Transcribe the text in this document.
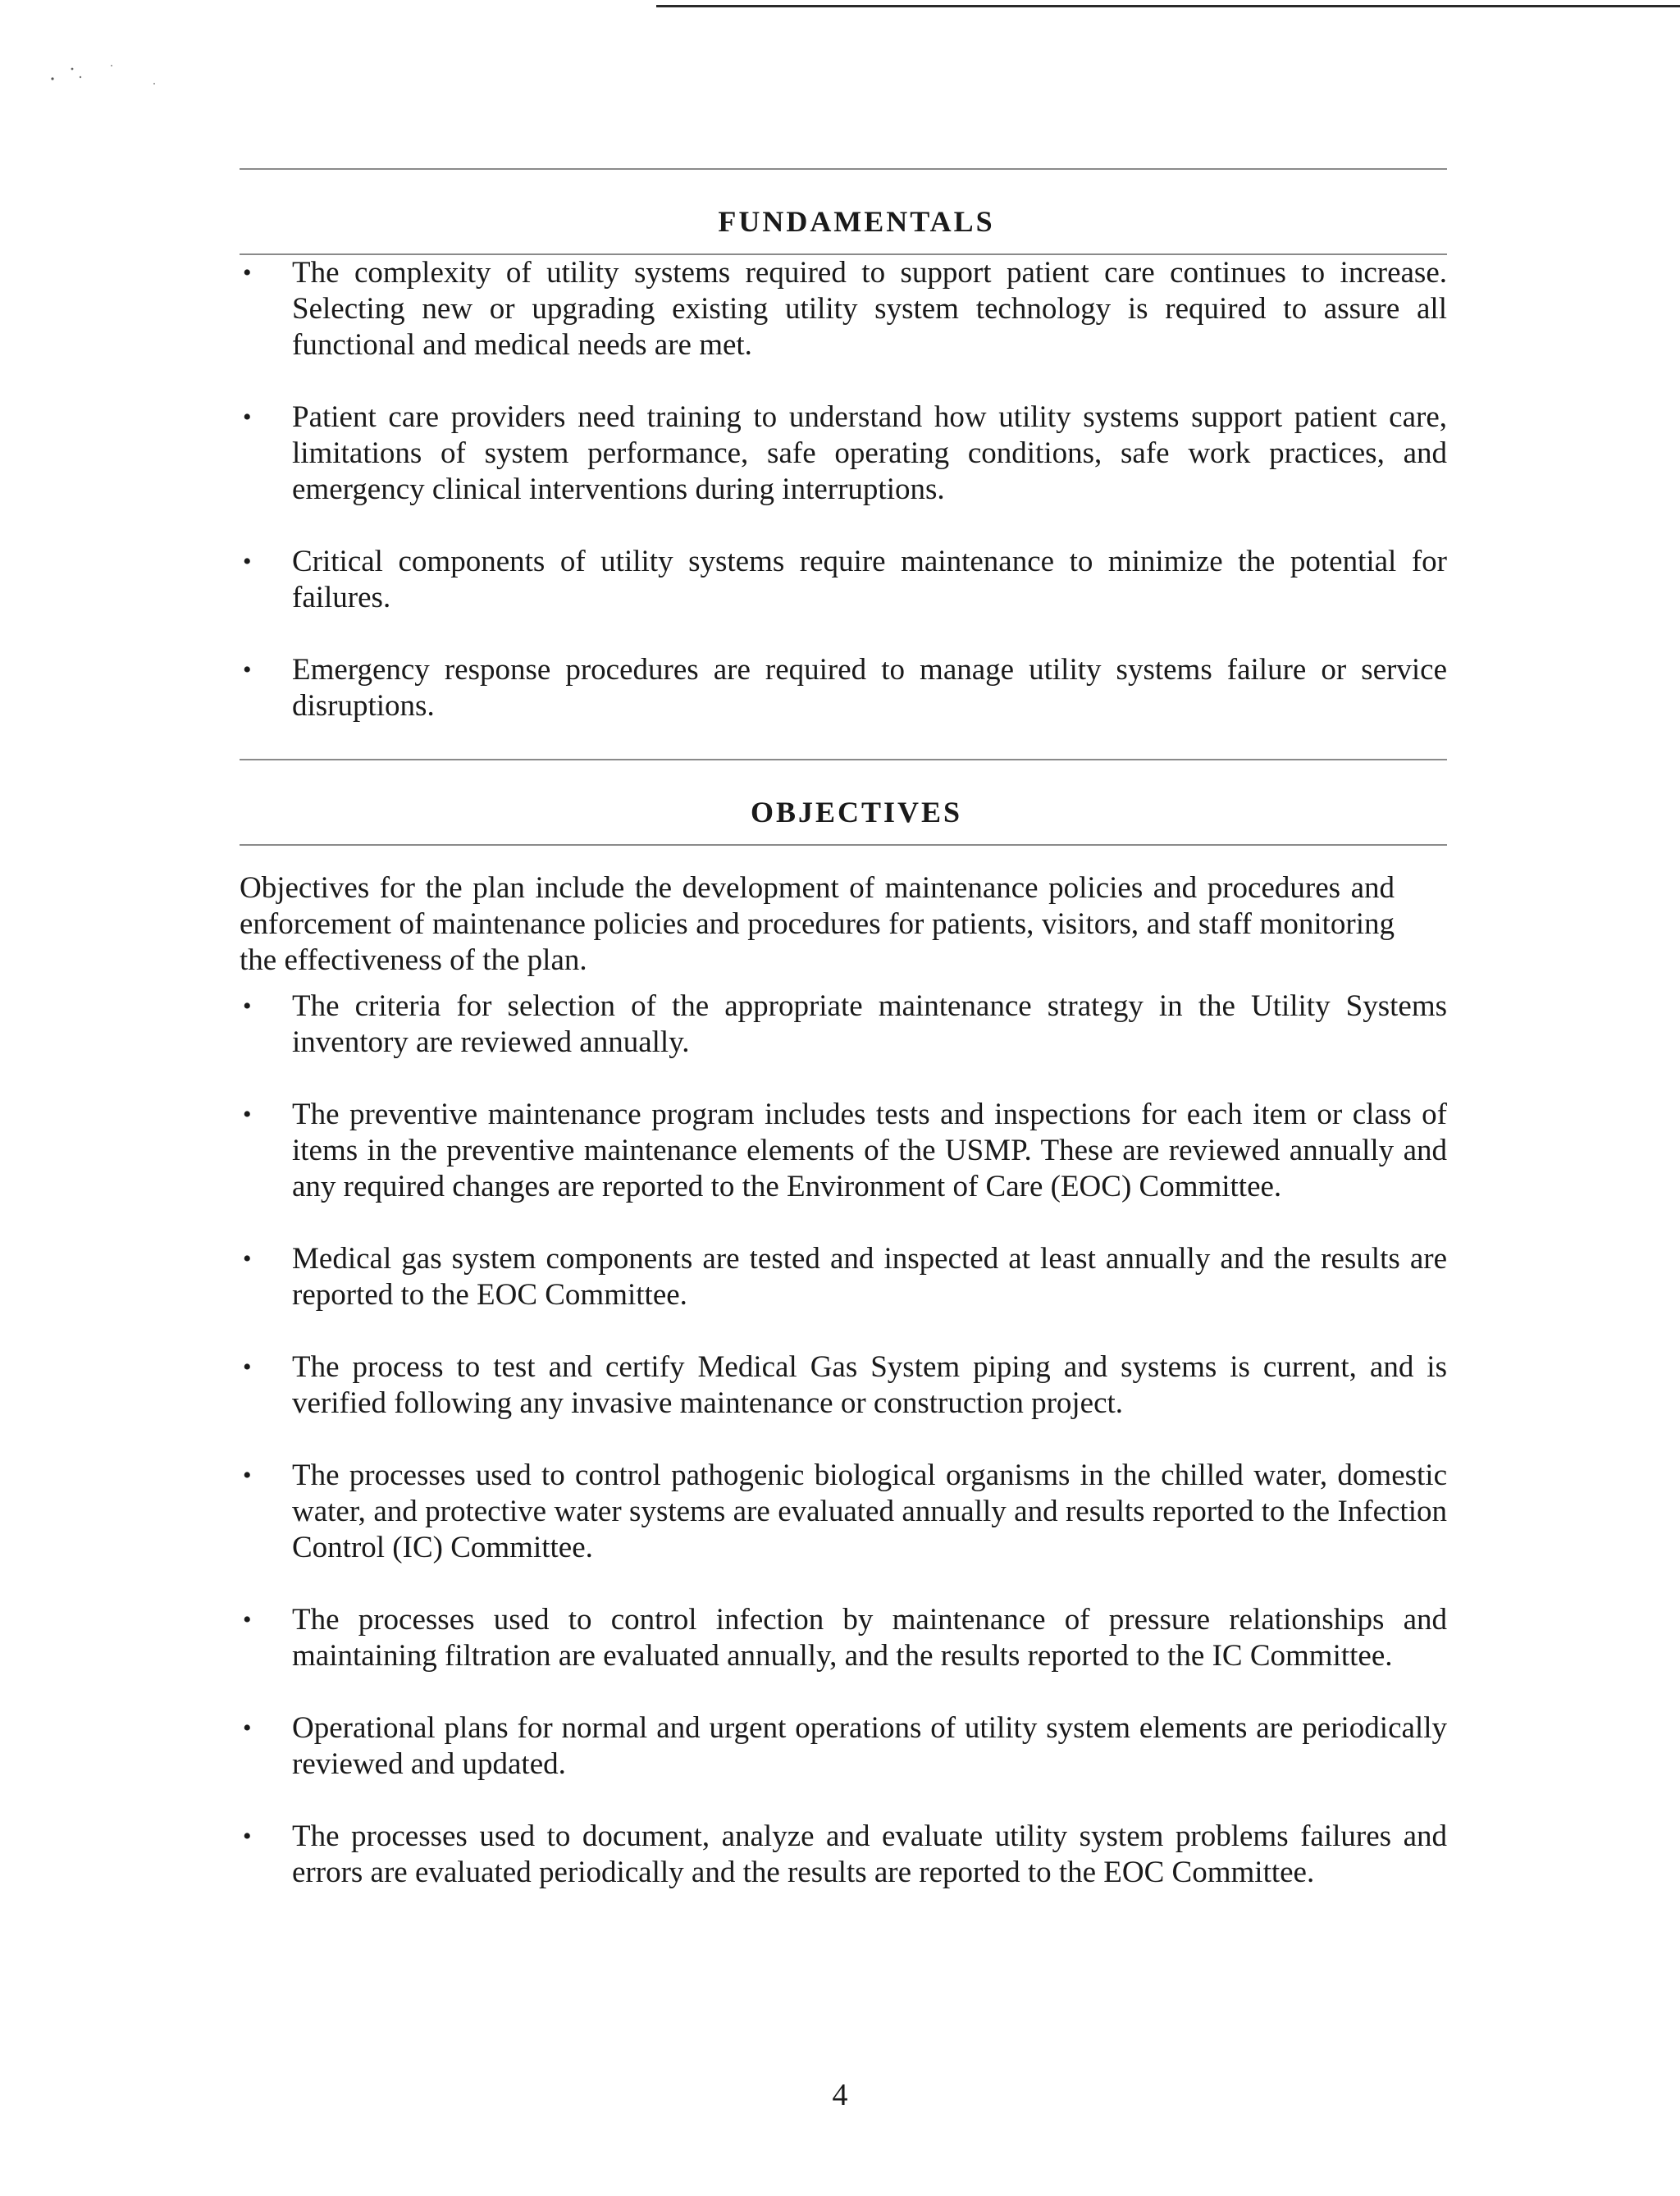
FUNDAMENTALS
• The complexity of utility systems required to support patient care continues to increase. Selecting new or upgrading existing utility system technology is required to assure all functional and medical needs are met.
• Patient care providers need training to understand how utility systems support patient care, limitations of system performance, safe operating conditions, safe work practices, and emergency clinical interventions during interruptions.
• Critical components of utility systems require maintenance to minimize the potential for failures.
• Emergency response procedures are required to manage utility systems failure or service disruptions.
OBJECTIVES
Objectives for the plan include the development of maintenance policies and procedures and enforcement of maintenance policies and procedures for patients, visitors, and staff monitoring the effectiveness of the plan.
• The criteria for selection of the appropriate maintenance strategy in the Utility Systems inventory are reviewed annually.
• The preventive maintenance program includes tests and inspections for each item or class of items in the preventive maintenance elements of the USMP. These are reviewed annually and any required changes are reported to the Environment of Care (EOC) Committee.
• Medical gas system components are tested and inspected at least annually and the results are reported to the EOC Committee.
• The process to test and certify Medical Gas System piping and systems is current, and is verified following any invasive maintenance or construction project.
• The processes used to control pathogenic biological organisms in the chilled water, domestic water, and protective water systems are evaluated annually and results reported to the Infection Control (IC) Committee.
• The processes used to control infection by maintenance of pressure relationships and maintaining filtration are evaluated annually, and the results reported to the IC Committee.
• Operational plans for normal and urgent operations of utility system elements are periodically reviewed and updated.
• The processes used to document, analyze and evaluate utility system problems failures and errors are evaluated periodically and the results are reported to the EOC Committee.
4
